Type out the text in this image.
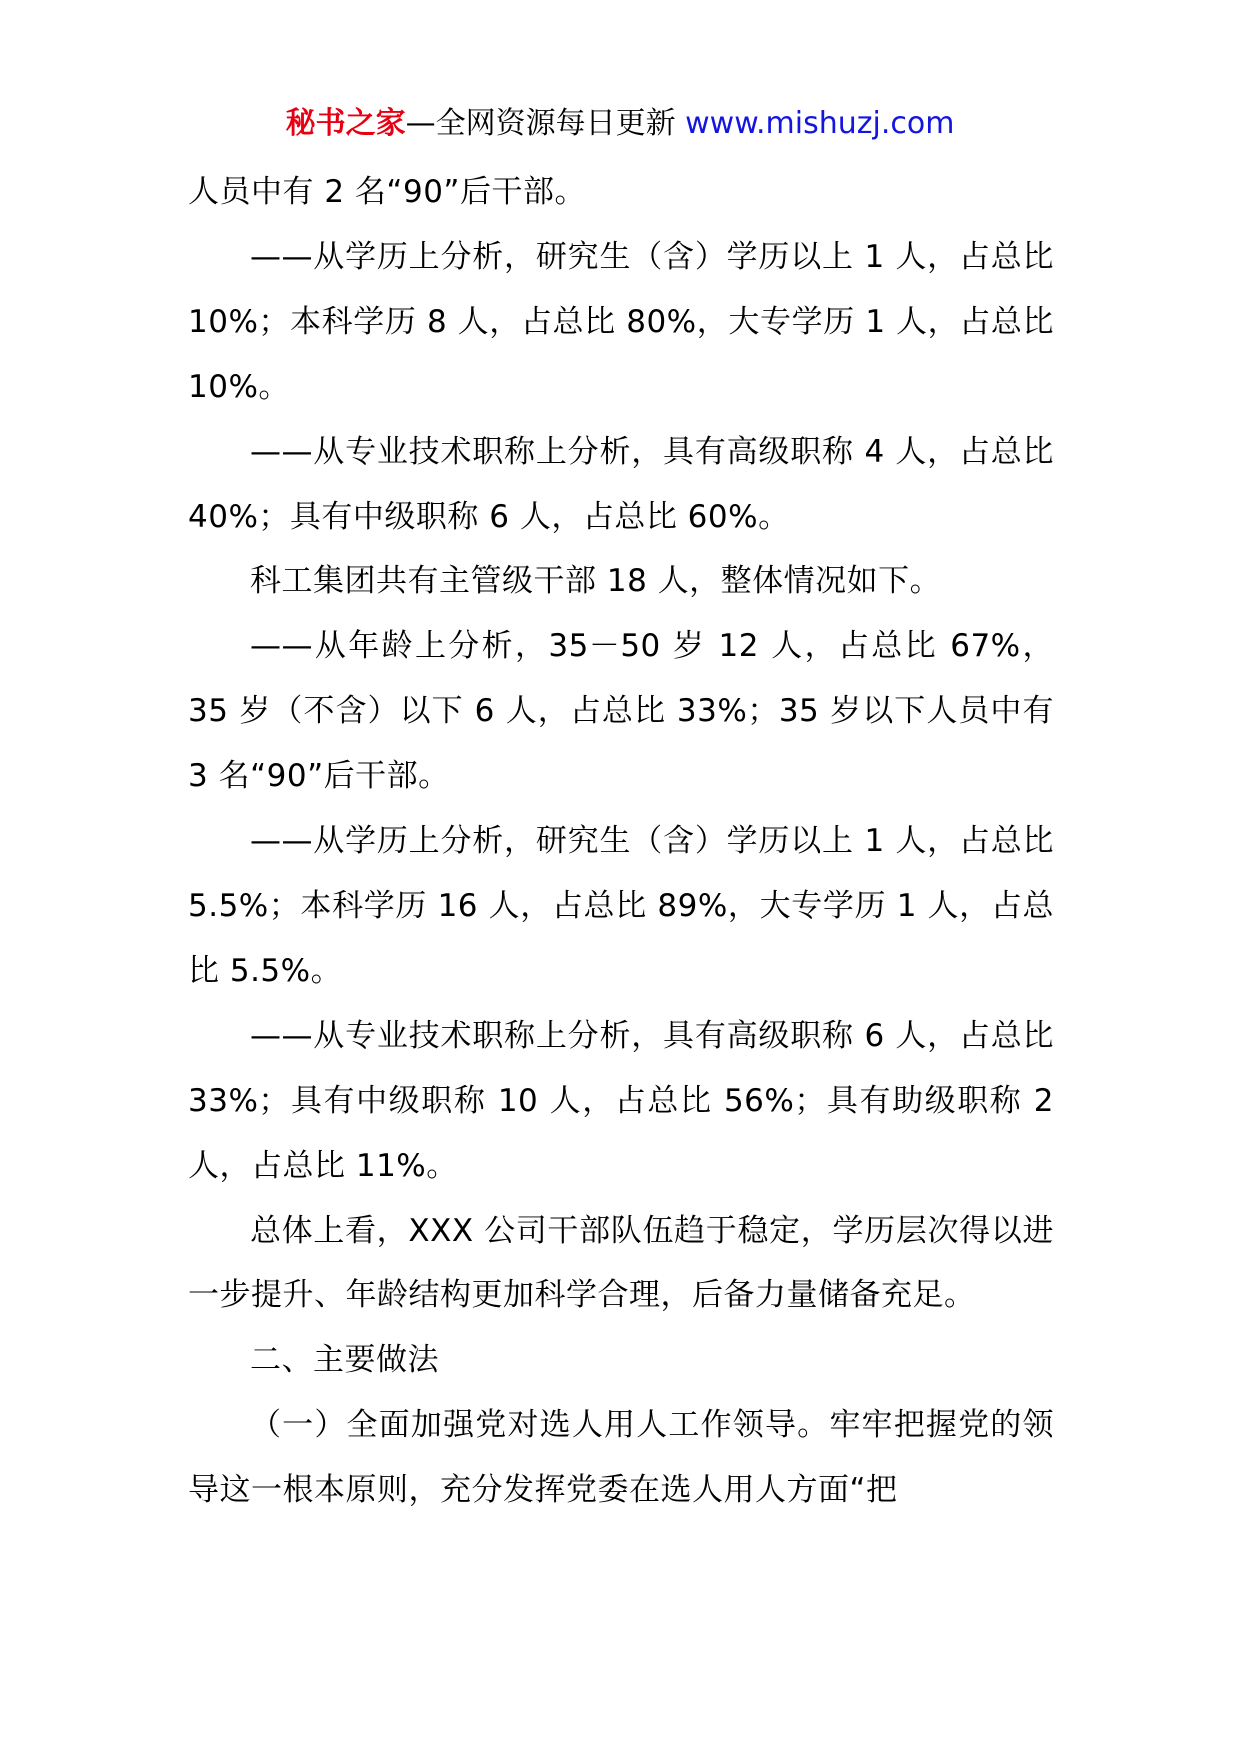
秘书之家—全网资源每日更新 www.mishuzj.com

人员中有 2 名“90”后干部。

——从学历上分析，研究生（含）学历以上 1 人，占总比 10%；本科学历 8 人，占总比 80%，大专学历 1 人，占总比 10%。

——从专业技术职称上分析，具有高级职称 4 人，占总比 40%；具有中级职称 6 人，占总比 60%。

科工集团共有主管级干部 18 人，整体情况如下。

——从年龄上分析，35－50 岁 12 人，占总比 67%，35 岁（不含）以下 6 人，占总比 33%；35 岁以下人员中有 3 名“90”后干部。

——从学历上分析，研究生（含）学历以上 1 人，占总比 5.5%；本科学历 16 人，占总比 89%，大专学历 1 人，占总比 5.5%。

——从专业技术职称上分析，具有高级职称 6 人，占总比 33%；具有中级职称 10 人，占总比 56%；具有助级职称 2 人，占总比 11%。

总体上看，XXX 公司干部队伍趋于稳定，学历层次得以进一步提升、年龄结构更加科学合理，后备力量储备充足。

二、主要做法

（一）全面加强党对选人用人工作领导。牢牢把握党的领导这一根本原则，充分发挥党委在选人用人方面“把
